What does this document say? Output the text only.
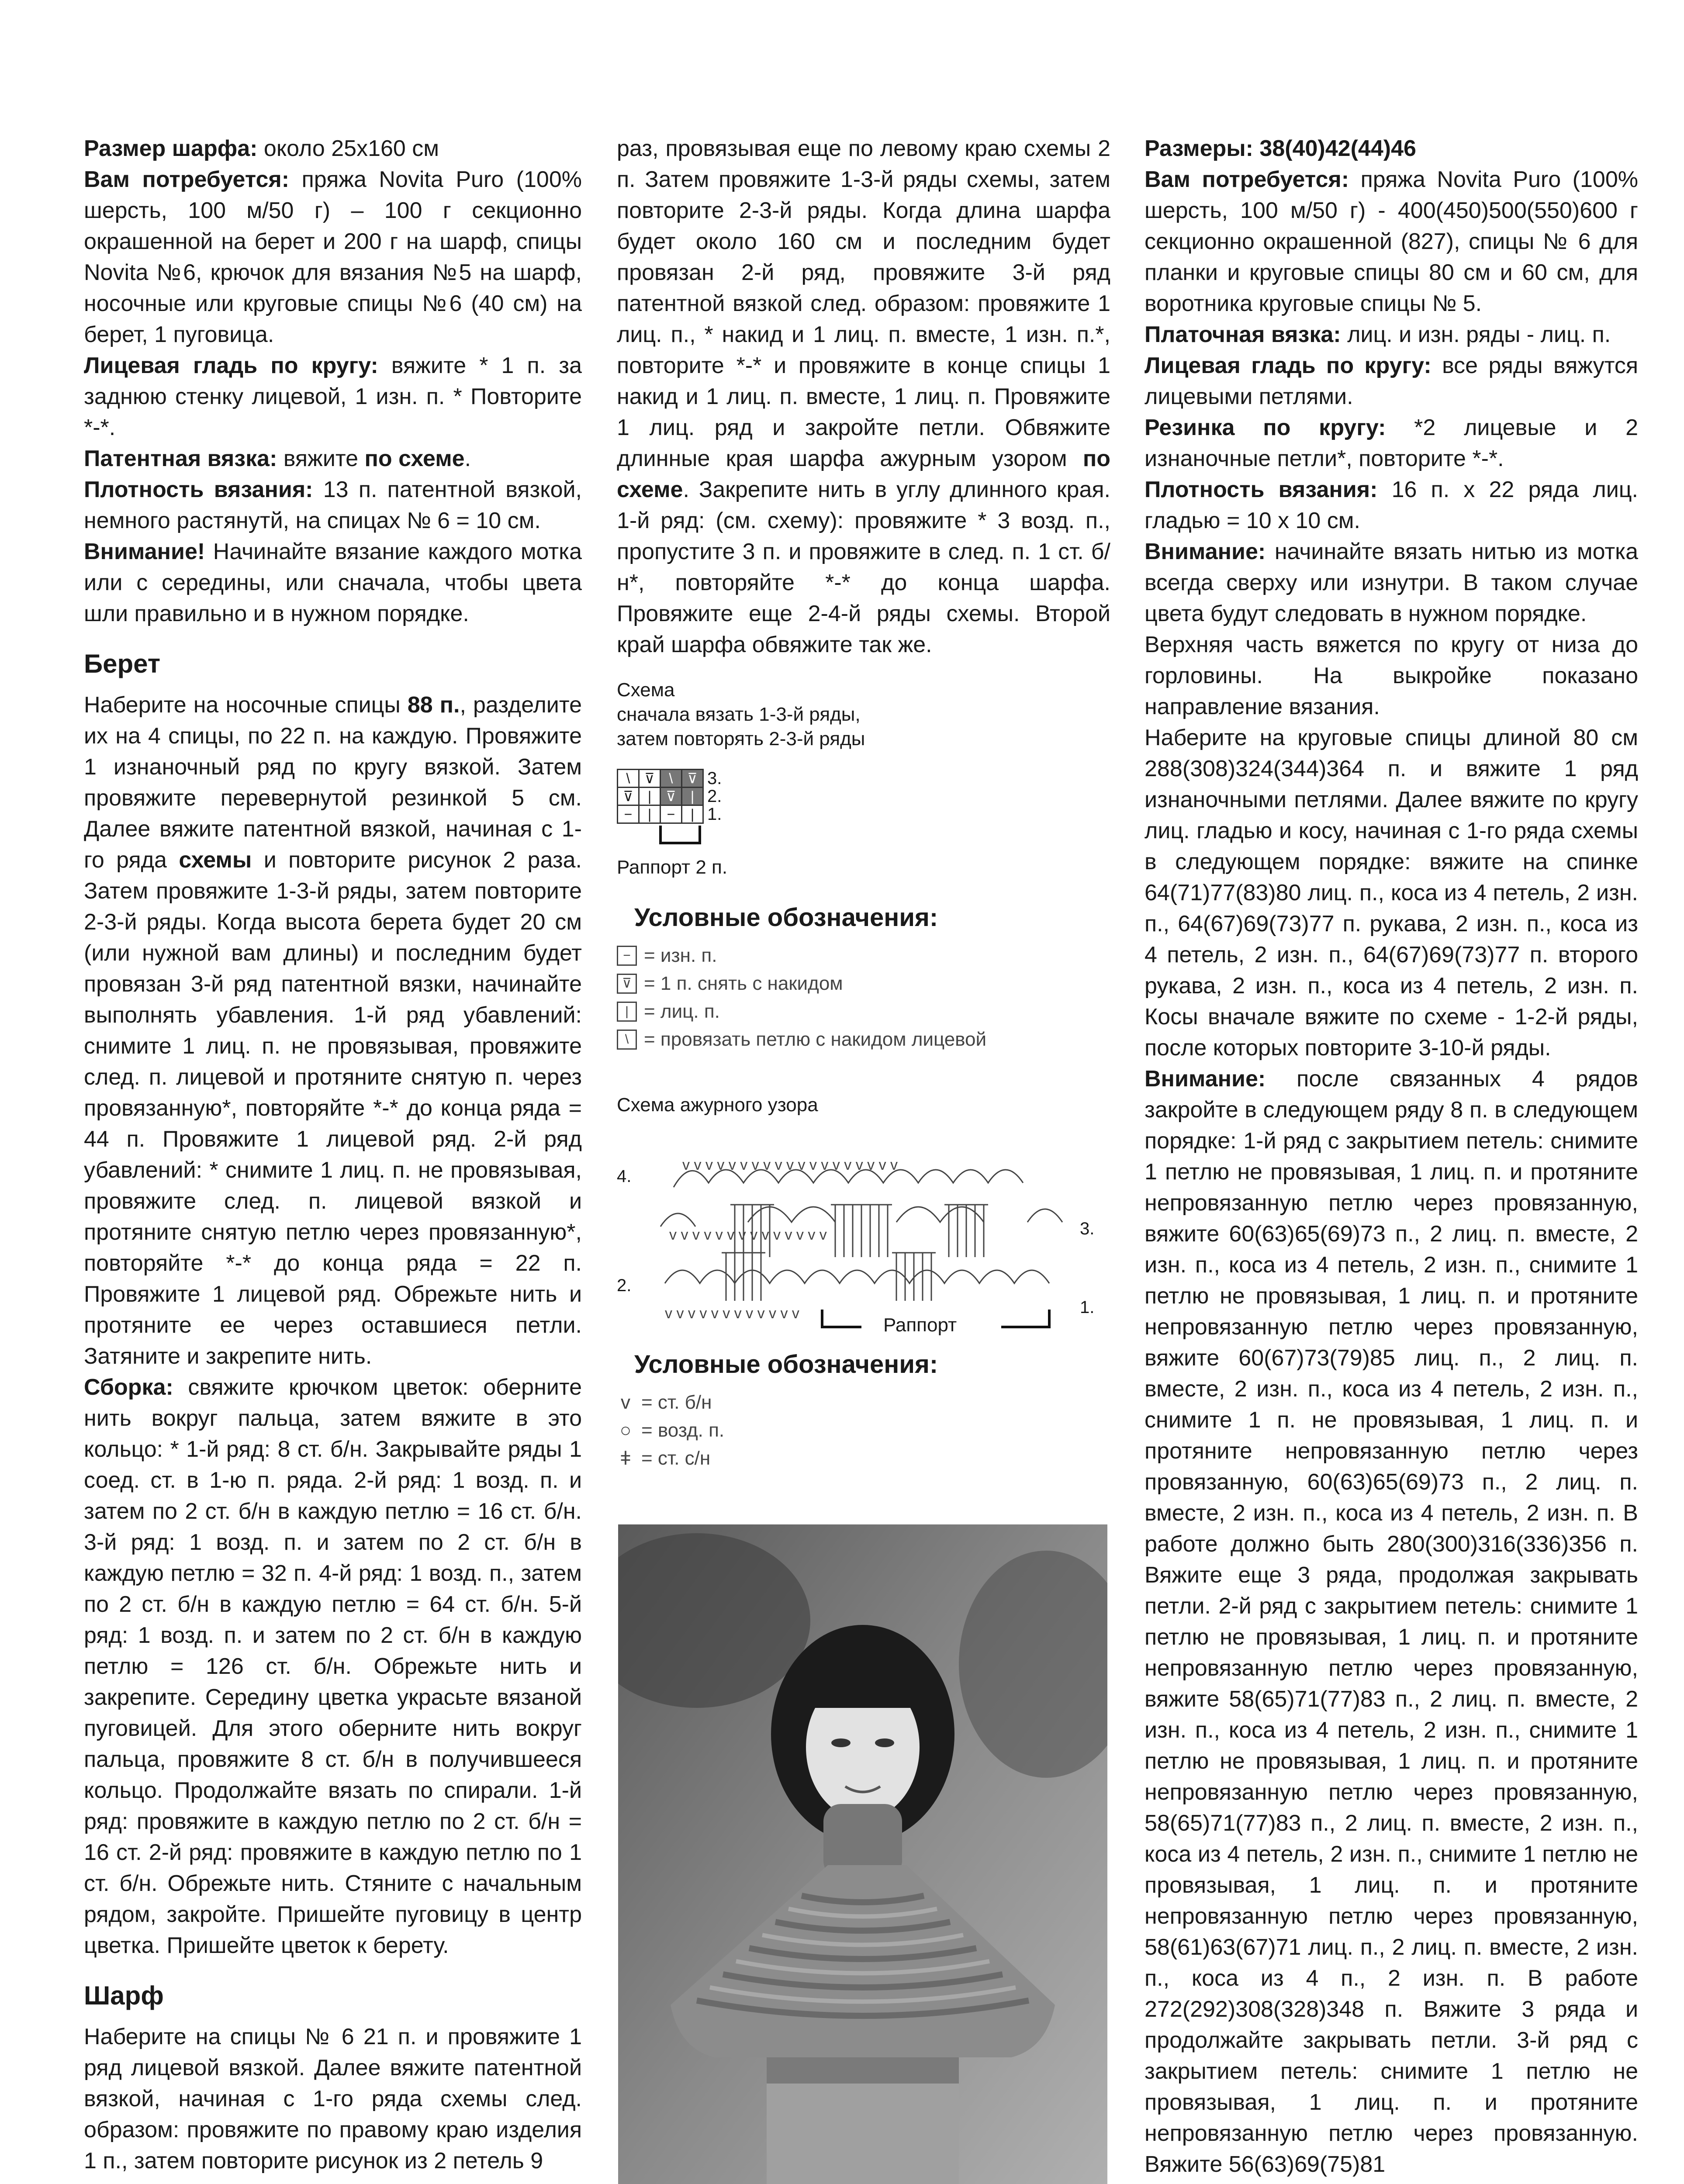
Размер шарфа: около 25х160 см

Вам потребуется: пряжа Novita Puro (100% шерсть, 100 м/50 г) – 100 г секционно окрашенной на берет и 200 г на шарф, спицы Novita №6, крючок для вязания №5 на шарф, носочные или круговые спицы №6 (40 см) на берет, 1 пуговица.

Лицевая гладь по кругу: вяжите * 1 п. за заднюю стенку лицевой, 1 изн. п. * Повторите *-*.

Патентная вязка: вяжите по схеме.

Плотность вязания: 13 п. патентной вязкой, немного растянутй, на спицах № 6 = 10 см.

Внимание! Начинайте вязание каждого мотка или с середины, или сначала, чтобы цвета шли правильно и в нужном порядке.

Берет

Наберите на носочные спицы 88 п., разделите их на 4 спицы, по 22 п. на каждую. Провяжите 1 изнаночный ряд по кругу вязкой. Затем провяжите перевернутой резинкой 5 см. Далее вяжите патентной вязкой, начиная с 1-го ряда схемы и повторите рисунок 2 раза. Затем провяжите 1-3-й ряды, затем повторите 2-3-й ряды. Когда высота берета будет 20 см (или нужной вам длины) и последним будет провязан 3-й ряд патентной вязки, начинайте выполнять убавления. 1-й ряд убавлений: снимите 1 лиц. п. не провязывая, провяжите след. п. лицевой и протяните снятую п. через провязанную*, повторяйте *-* до конца ряда = 44 п. Провяжите 1 лицевой ряд. 2-й ряд убавлений: * снимите 1 лиц. п. не провязывая, провяжите след. п. лицевой вязкой и протяните снятую петлю через провязанную*, повторяйте *-* до конца ряда = 22 п. Провяжите 1 лицевой ряд. Обрежьте нить и протяните ее через оставшиеся петли. Затяните и закрепите нить.

Сборка: свяжите крючком цветок: оберните нить вокруг пальца, затем вяжите в это кольцо: * 1-й ряд: 8 ст. б/н. Закрывайте ряды 1 соед. ст. в 1-ю п. ряда. 2-й ряд: 1 возд. п. и затем по 2 ст. б/н в каждую петлю = 16 ст. б/н. 3-й ряд: 1 возд. п. и затем по 2 ст. б/н в каждую петлю = 32 п. 4-й ряд: 1 возд. п., затем по 2 ст. б/н в каждую петлю = 64 ст. б/н. 5-й ряд: 1 возд. п. и затем по 2 ст. б/н в каждую петлю = 126 ст. б/н. Обрежьте нить и закрепите. Середину цветка украсьте вязаной пуговицей. Для этого оберните нить вокруг пальца, провяжите 8 ст. б/н в получившееся кольцо. Продолжайте вязать по спирали. 1-й ряд: провяжите в каждую петлю по 2 ст. б/н = 16 ст. 2-й ряд: провяжите в каждую петлю по 1 ст. б/н. Обрежьте нить. Стяните с начальным рядом, закройте. Пришейте пуговицу в центр цветка. Пришейте цветок к берету.

Шарф

Наберите на спицы № 6 21 п. и провяжите 1 ряд лицевой вязкой. Далее вяжите патентной вязкой, начиная с 1-го ряда схемы след. образом: провяжите по правому краю изделия 1 п., затем повторите рисунок из 2 петель 9

раз, провязывая еще по левому краю схемы 2 п. Затем провяжите 1-3-й ряды схемы, затем повторите 2-3-й ряды. Когда длина шарфа будет около 160 см и последним будет провязан 2-й ряд, провяжите 3-й ряд патентной вязкой след. образом: провяжите 1 лиц. п., * накид и 1 лиц. п. вместе, 1 изн. п.*, повторите *-* и провяжите в конце спицы 1 накид и 1 лиц. п. вместе, 1 лиц. п. Провяжите 1 лиц. ряд и закройте петли. Обвяжите длинные края шарфа ажурным узором по схеме. Закрепите нить в углу длинного края. 1-й ряд: (см. схему): провяжите * 3 возд. п., пропустите 3 п. и провяжите в след. п. 1 ст. б/н*, повторяйте *-* до конца шарфа. Провяжите еще 2-4-й ряды схемы. Второй край шарфа обвяжите так же.

Схема
сначала вязать 1-3-й ряды,
затем повторять 2-3-й ряды
\	⊽	\	⊽
⊽	|	⊽	|
−	|	−	|
3.
2.
1.
Раппорт 2 п.
Условные обозначения:
− = изн. п.
⊽ = 1 п. снять с накидом
| = лиц. п.
\ = провязать петлю с накидом лицевой
Схема ажурного узора
v v v v v v v v v v v v v v v v v v v
v v v v v v v v v v v v v v
v v v v v v v v v v v v
4.
3.
2.
1.
Раппорт
Условные обозначения:
v = ст. б/н
○ = возд. п.
ǂ = ст. с/н

Размеры: 38(40)42(44)46

Вам потребуется: пряжа Novita Puro (100% шерсть, 100 м/50 г) - 400(450)500(550)600 г секционно окрашенной (827), спицы № 6 для планки и круговые спицы 80 см и 60 см, для воротника круговые спицы № 5.

Платочная вязка: лиц. и изн. ряды - лиц. п.

Лицевая гладь по кругу: все ряды вяжутся лицевыми петлями.

Резинка по кругу: *2 лицевые и 2 изнаночные петли*, повторите *-*.

Плотность вязания: 16 п. х 22 ряда лиц. гладью = 10 х 10 см.

Внимание: начинайте вязать нитью из мотка всегда сверху или изнутри. В таком случае цвета будут следовать в нужном порядке.

Верхняя часть вяжется по кругу от низа до горловины. На выкройке показано направление вязания.

Наберите на круговые спицы длиной 80 см 288(308)324(344)364 п. и вяжите 1 ряд изнаночными петлями. Далее вяжите по кругу лиц. гладью и косу, начиная с 1-го ряда схемы в следующем порядке: вяжите на спинке 64(71)77(83)80 лиц. п., коса из 4 петель, 2 изн. п., 64(67)69(73)77 п. рукава, 2 изн. п., коса из 4 петель, 2 изн. п., 64(67)69(73)77 п. второго рукава, 2 изн. п., коса из 4 петель, 2 изн. п. Косы вначале вяжите по схеме - 1-2-й ряды, после которых повторите 3-10-й ряды.

Внимание: после связанных 4 рядов закройте в следующем ряду 8 п. в следующем порядке: 1-й ряд с закрытием петель: снимите 1 петлю не провязывая, 1 лиц. п. и протяните непровязанную петлю через провязанную, вяжите 60(63)65(69)73 п., 2 лиц. п. вместе, 2 изн. п., коса из 4 петель, 2 изн. п., снимите 1 петлю не провязывая, 1 лиц. п. и протяните непровязанную петлю через провязанную, вяжите 60(67)73(79)85 лиц. п., 2 лиц. п. вместе, 2 изн. п., коса из 4 петель, 2 изн. п., снимите 1 п. не провязывая, 1 лиц. п. и протяните непровязанную петлю через провязанную, 60(63)65(69)73 п., 2 лиц. п. вместе, 2 изн. п., коса из 4 петель, 2 изн. п. В работе должно быть 280(300)316(336)356 п. Вяжите еще 3 ряда, продолжая закрывать петли. 2-й ряд с закрытием петель: снимите 1 петлю не провязывая, 1 лиц. п. и протяните непровязанную петлю через провязанную, вяжите 58(65)71(77)83 п., 2 лиц. п. вместе, 2 изн. п., коса из 4 петель, 2 изн. п., снимите 1 петлю не провязывая, 1 лиц. п. и протяните непровязанную петлю через провязанную, 58(65)71(77)83 п., 2 лиц. п. вместе, 2 изн. п., коса из 4 петель, 2 изн. п., снимите 1 петлю не провязывая, 1 лиц. п. и протяните непровязанную петлю через провязанную, 58(61)63(67)71 лиц. п., 2 лиц. п. вместе, 2 изн. п., коса из 4 п., 2 изн. п. В работе 272(292)308(328)348 п. Вяжите 3 ряда и продолжайте закрывать петли. 3-й ряд с закрытием петель: снимите 1 петлю не провязывая, 1 лиц. п. и протяните непровязанную петлю через провязанную. Вяжите 56(63)69(75)81
